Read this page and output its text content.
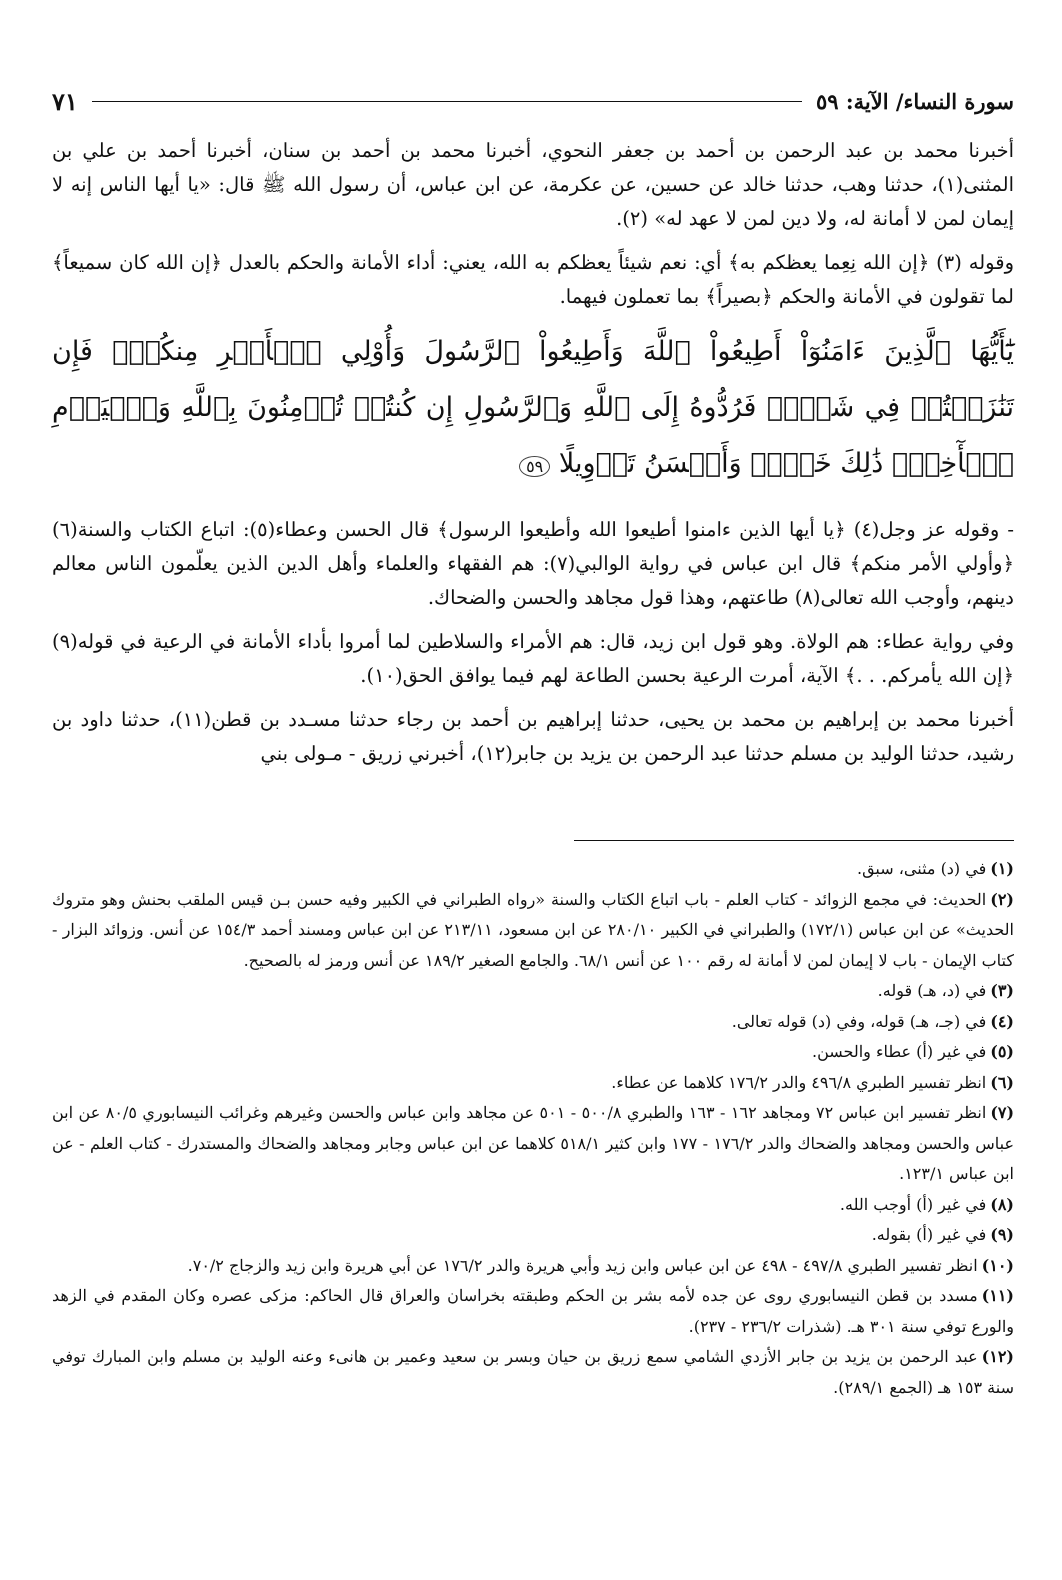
سورة النساء/ الآية: ٥٩
٧١

أخبرنا محمد بن عبد الرحمن بن أحمد بن جعفر النحوي، أخبرنا محمد بن أحمد بن سنان، أخبرنا أحمد بن علي بن المثنى(١)، حدثنا وهب، حدثنا خالد عن حسين، عن عكرمة، عن ابن عباس، أن رسول الله ﷺ قال: «يا أيها الناس إنه لا إيمان لمن لا أمانة له، ولا دين لمن لا عهد له» (٢).

وقوله (٣) ﴿إن الله نِعِما يعظكم به﴾ أي: نعم شيئاً يعظكم به الله، يعني: أداء الأمانة والحكم بالعدل ﴿إن الله كان سميعاً﴾ لما تقولون في الأمانة والحكم ﴿بصيراً﴾ بما تعملون فيهما.

يَٰٓأَيُّهَا ٱلَّذِينَ ءَامَنُوٓاْ أَطِيعُواْ ٱللَّهَ وَأَطِيعُواْ ٱلرَّسُولَ وَأُوْلِي ٱلۡأَمۡرِ مِنكُمۡۖ فَإِن تَنَٰزَعۡتُمۡ فِي شَيۡءٖ فَرُدُّوهُ إِلَى ٱللَّهِ وَٱلرَّسُولِ إِن كُنتُمۡ تُؤۡمِنُونَ بِٱللَّهِ وَٱلۡيَوۡمِ ٱلۡأٓخِرِۚ ذَٰلِكَ خَيۡرٞ وَأَحۡسَنُ تَأۡوِيلًا ٥٩

- وقوله عز وجل(٤) ﴿يا أيها الذين ءامنوا أطيعوا الله وأطيعوا الرسول﴾ قال الحسن وعطاء(٥): اتباع الكتاب والسنة(٦) ﴿وأولي الأمر منكم﴾ قال ابن عباس في رواية الوالبي(٧): هم الفقهاء والعلماء وأهل الدين الذين يعلّمون الناس معالم دينهم، وأوجب الله تعالى(٨) طاعتهم، وهذا قول مجاهد والحسن والضحاك.

وفي رواية عطاء: هم الولاة. وهو قول ابن زيد، قال: هم الأمراء والسلاطين لما أمروا بأداء الأمانة في الرعية في قوله(٩) ﴿إن الله يأمركم. . .﴾ الآية، أمرت الرعية بحسن الطاعة لهم فيما يوافق الحق(١٠).

أخبرنا محمد بن إبراهيم بن محمد بن يحيى، حدثنا إبراهيم بن أحمد بن رجاء حدثنا مسـدد بن قطن(١١)، حدثنا داود بن رشيد، حدثنا الوليد بن مسلم حدثنا عبد الرحمن بن يزيد بن جابر(١٢)، أخبرني زريق - مـولى بني

(١)في (د) مثنى، سبق.

(٢)الحديث: في مجمع الزوائد - كتاب العلم - باب اتباع الكتاب والسنة «رواه الطبراني في الكبير وفيه حسن بـن قيس الملقب بحنش وهو متروك الحديث» عن ابن عباس (١٧٢/١) والطبراني في الكبير ٢٨٠/١٠ عن ابن مسعود، ٢١٣/١١ عن ابن عباس ومسند أحمد ١٥٤/٣ عن أنس. وزوائد البزار - كتاب الإيمان - باب لا إيمان لمن لا أمانة له رقم ١٠٠ عن أنس ٦٨/١. والجامع الصغير ١٨٩/٢ عن أنس ورمز له بالصحيح.

(٣)في (د، هـ) قوله.

(٤)في (جـ، هـ) قوله، وفي (د) قوله تعالى.

(٥)في غير (أ) عطاء والحسن.

(٦)انظر تفسير الطبري ٤٩٦/٨ والدر ١٧٦/٢ كلاهما عن عطاء.

(٧)انظر تفسير ابن عباس ٧٢ ومجاهد ١٦٢ - ١٦٣ والطبري ٥٠٠/٨ - ٥٠١ عن مجاهد وابن عباس والحسن وغيرهم وغرائب النيسابوري ٨٠/٥ عن ابن عباس والحسن ومجاهد والضحاك والدر ١٧٦/٢ - ١٧٧ وابن كثير ٥١٨/١ كلاهما عن ابن عباس وجابر ومجاهد والضحاك والمستدرك - كتاب العلم - عن ابن عباس ١٢٣/١.

(٨)في غير (أ) أوجب الله.

(٩)في غير (أ) بقوله.

(١٠)انظر تفسير الطبري ٤٩٧/٨ - ٤٩٨ عن ابن عباس وابن زيد وأبي هريرة والدر ١٧٦/٢ عن أبي هريرة وابن زيد والزجاج ٧٠/٢.

(١١)مسدد بن قطن النيسابوري روى عن جده لأمه بشر بن الحكم وطبقته بخراسان والعراق قال الحاكم: مزكى عصره وكان المقدم في الزهد والورع توفي سنة ٣٠١ هـ. (شذرات ٢٣٦/٢ - ٢٣٧).

(١٢)عبد الرحمن بن يزيد بن جابر الأزدي الشامي سمع زريق بن حيان وبسر بن سعيد وعمير بن هانىء وعنه الوليد بن مسلم وابن المبارك توفي سنة ١٥٣ هـ (الجمع ٢٨٩/١).
